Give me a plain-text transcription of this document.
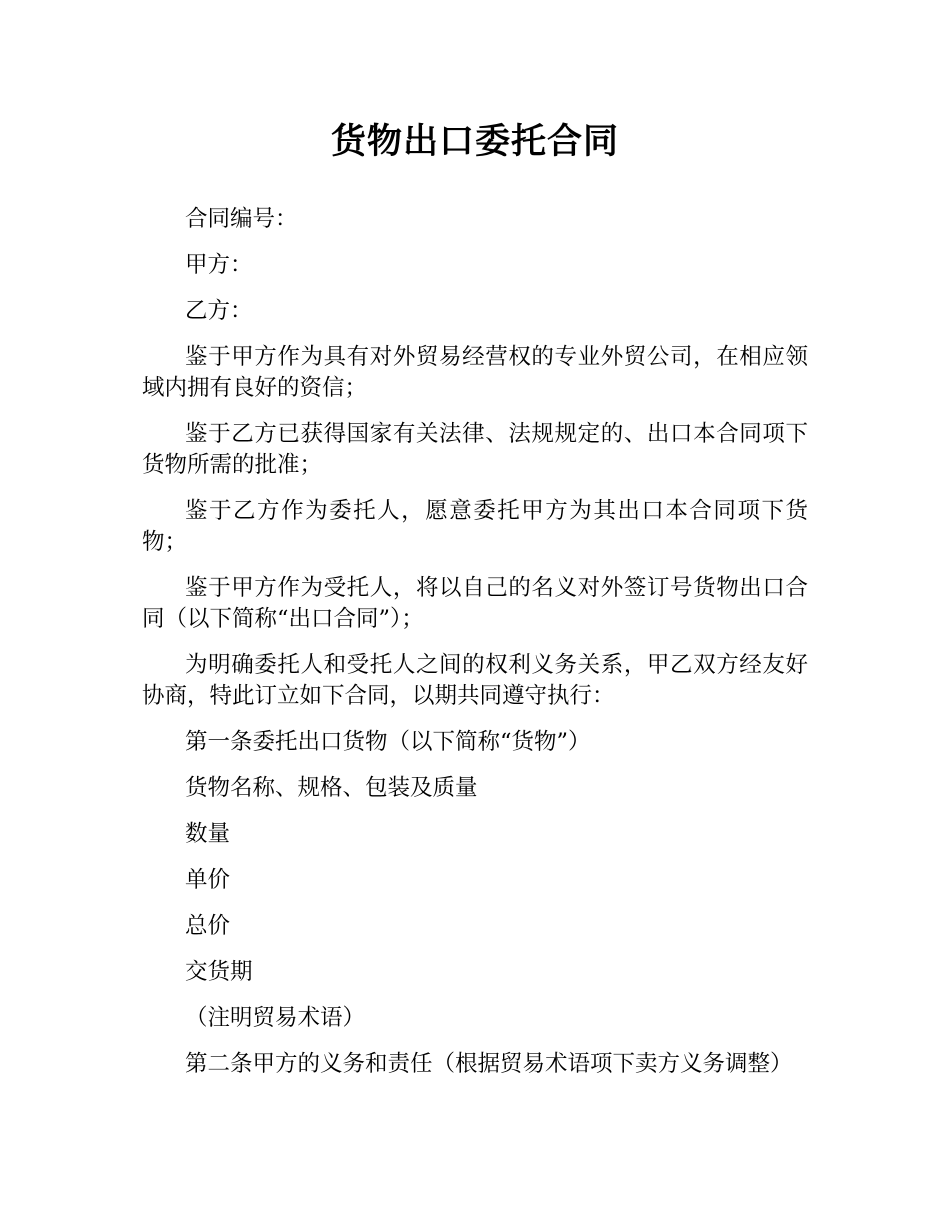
货物出口委托合同

合同编号：

甲方：

乙方：

鉴于甲方作为具有对外贸易经营权的专业外贸公司，在相应领域内拥有良好的资信；

鉴于乙方已获得国家有关法律、法规规定的、出口本合同项下货物所需的批准；

鉴于乙方作为委托人，愿意委托甲方为其出口本合同项下货物；

鉴于甲方作为受托人，将以自己的名义对外签订号货物出口合同（以下简称“出口合同”）；

为明确委托人和受托人之间的权利义务关系，甲乙双方经友好协商，特此订立如下合同，以期共同遵守执行：

第一条委托出口货物（以下简称“货物”）

货物名称、规格、包装及质量

数量

单价

总价

交货期

（注明贸易术语）

第二条甲方的义务和责任（根据贸易术语项下卖方义务调整）
